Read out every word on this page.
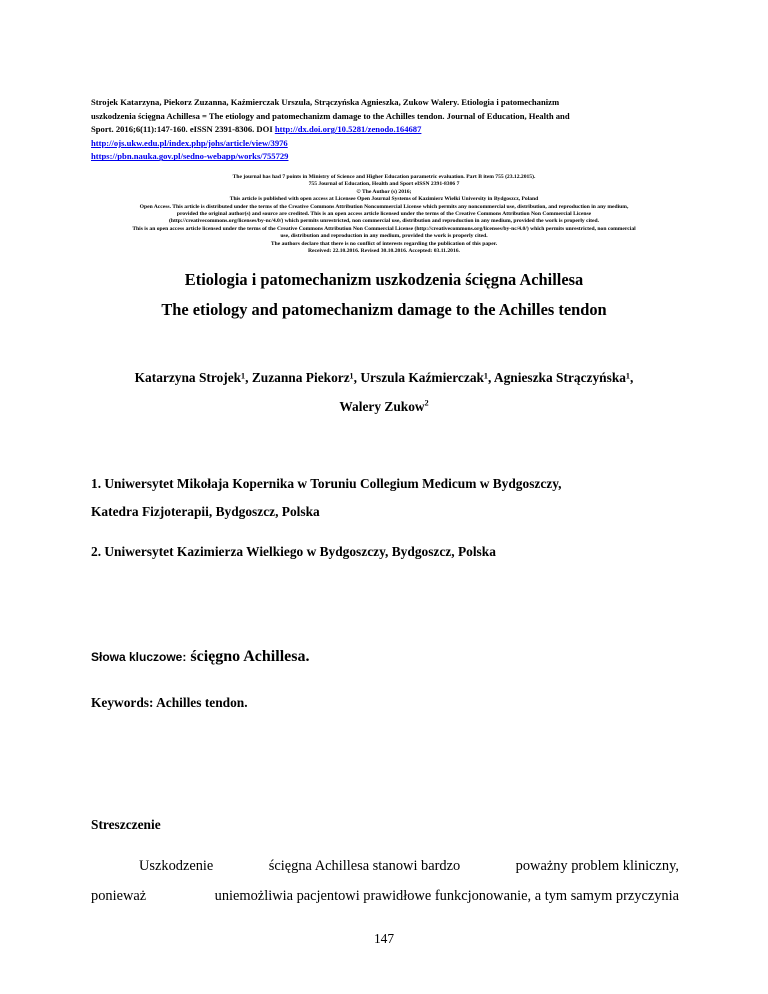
Strojek Katarzyna, Piekorz Zuzanna, Kaźmierczak Urszula, Strączyńska Agnieszka, Zukow Walery. Etiologia i patomechanizm
uszkodzenia ścięgna Achillesa = The etiology and patomechanizm damage to the Achilles tendon. Journal of Education, Health and
Sport. 2016;6(11):147-160. eISSN 2391-8306. DOI http://dx.doi.org/10.5281/zenodo.164687
http://ojs.ukw.edu.pl/index.php/johs/article/view/3976
https://pbn.nauka.gov.pl/sedno-webapp/works/755729
The journal has had 7 points in Ministry of Science and Higher Education parametric evaluation. Part B item 755 (23.12.2015).
755 Journal of Education, Health and Sport eISSN 2391-8306 7
© The Author (s) 2016;
This article is published with open access at Licensee Open Journal Systems of Kazimierz Wielki University in Bydgoszcz, Poland
Open Access. This article is distributed under the terms of the Creative Commons Attribution Noncommercial License which permits any noncommercial use, distribution, and reproduction in any medium,
provided the original author(s) and source are credited. This is an open access article licensed under the terms of the Creative Commons Attribution Non Commercial License
(http://creativecommons.org/licenses/by-nc/4.0/) which permits unrestricted, non commercial use, distribution and reproduction in any medium, provided the work is properly cited.
This is an open access article licensed under the terms of the Creative Commons Attribution Non Commercial License (http://creativecommons.org/licenses/by-nc/4.0/) which permits unrestricted, non commercial
use, distribution and reproduction in any medium, provided the work is properly cited.
The authors declare that there is no conflict of interests regarding the publication of this paper.
Received: 22.10.2016. Revised 30.10.2016. Accepted: 03.11.2016.
Etiologia i patomechanizm uszkodzenia ścięgna Achillesa
The etiology and patomechanizm damage to the Achilles tendon
Katarzyna Strojek¹, Zuzanna Piekorz¹, Urszula Kaźmierczak¹, Agnieszka Strączyńska¹,
Walery Zukow$^2$
1. Uniwersytet Mikołaja Kopernika w Toruniu Collegium Medicum w Bydgoszczy,
Katedra Fizjoterapii, Bydgoszcz, Polska
2. Uniwersytet Kazimierza Wielkiego w Bydgoszczy, Bydgoszcz, Polska
Słowa kluczowe: ścięgno Achillesa.
Keywords: Achilles tendon.
Streszczenie
Uszkodzenie	ścięgna Achillesa stanowi bardzo	poważny problem kliniczny,
ponieważ	uniemożliwia pacjentowi prawidłowe funkcjonowanie, a tym samym przyczynia
147
